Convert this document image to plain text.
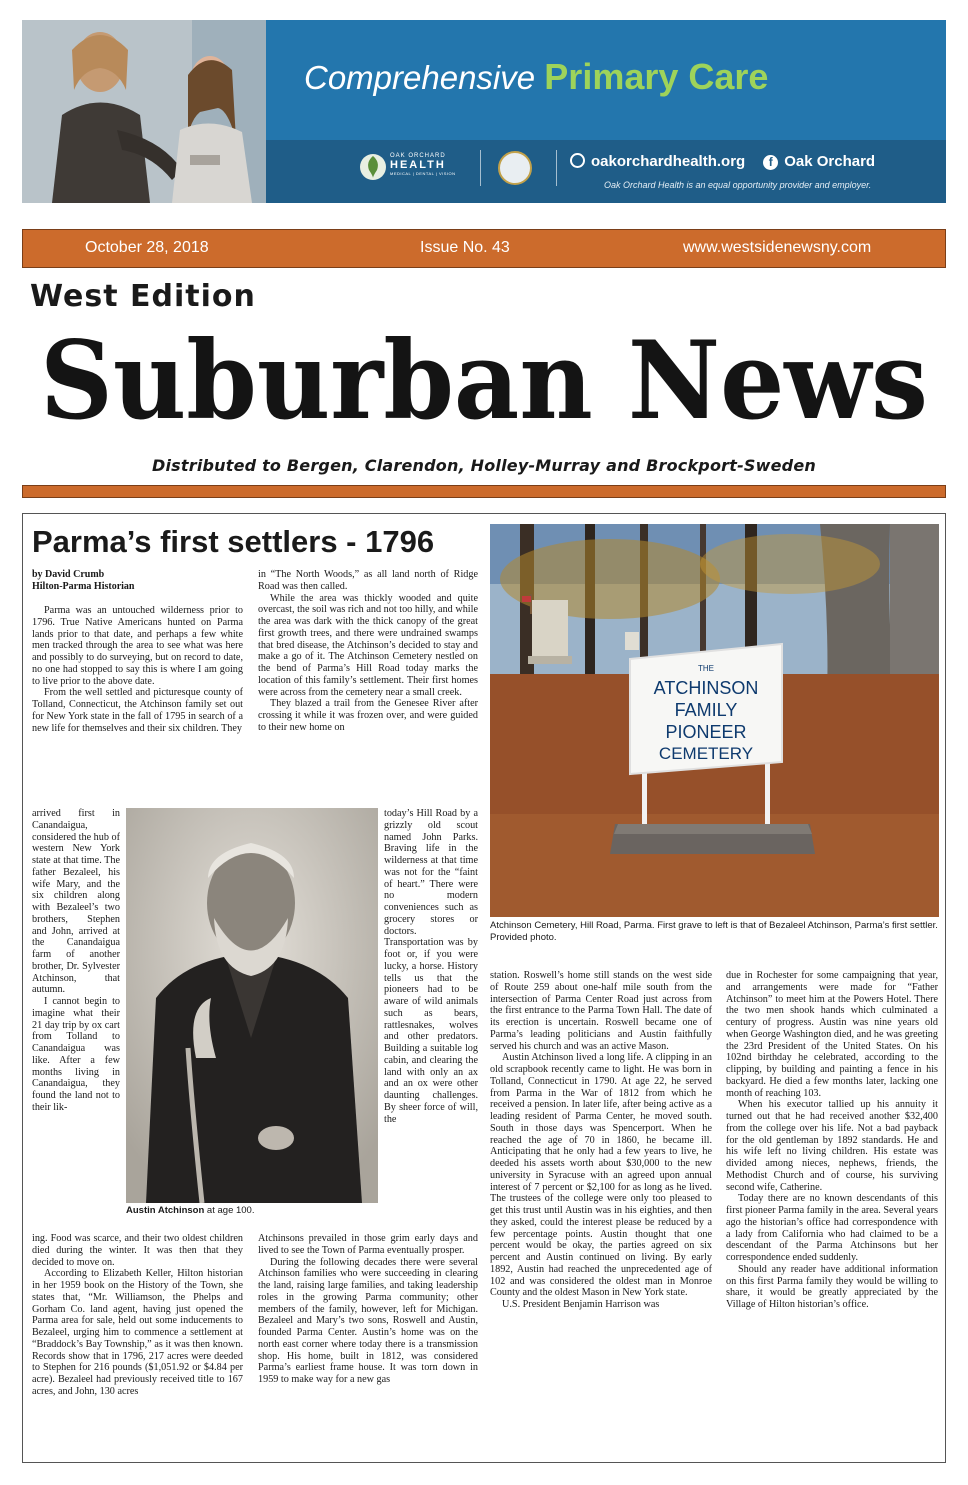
Comprehensive Primary Care
OAK ORCHARD
HEALTH
MEDICAL | DENTAL | VISION
oakorchardhealth.org f Oak Orchard
Oak Orchard Health is an equal opportunity provider and employer.
October 28, 2018	Issue No. 43	www.westsidenewsny.com
West Edition
Suburban News
Distributed to Bergen, Clarendon, Holley-Murray and Brockport-Sweden
Parma’s first settlers - 1796
by David Crumb
Hilton-Parma Historian

Parma was an untouched wilderness prior to 1796. True Native Americans hunted on Parma lands prior to that date, and perhaps a few white men tracked through the area to see what was here and possibly to do surveying, but on record to date, no one had stopped to say this is where I am going to live prior to the above date.

From the well settled and picturesque county of Tolland, Connecticut, the Atchinson family set out for New York state in the fall of 1795 in search of a new life for themselves and their six children. They

arrived first in Canandaigua, considered the hub of western New York state at that time. The father Bezaleel, his wife Mary, and the six children along with Bezaleel’s two brothers, Stephen and John, arrived at the Canandaigua farm of another brother, Dr. Sylvester Atchinson, that autumn.

I cannot begin to imagine what their 21 day trip by ox cart from Tolland to Canandaigua was like. After a few months living in Canandaigua, they found the land not to their lik-

ing. Food was scarce, and their two oldest children died during the winter. It was then that they decided to move on.

According to Elizabeth Keller, Hilton historian in her 1959 book on the History of the Town, she states that, “Mr. Williamson, the Phelps and Gorham Co. land agent, having just opened the Parma area for sale, held out some inducements to Bezaleel, urging him to commence a settlement at “Braddock’s Bay Township,” as it was then known. Records show that in 1796, 217 acres were deeded to Stephen for 216 pounds ($1,051.92 or $4.84 per acre). Bezaleel had previously received title to 167 acres, and John, 130 acres

in “The North Woods,” as all land north of Ridge Road was then called.

While the area was thickly wooded and quite overcast, the soil was rich and not too hilly, and while the area was dark with the thick canopy of the great first growth trees, and there were undrained swamps that bred disease, the Atchinson’s decided to stay and make a go of it. The Atchinson Cemetery nestled on the bend of Parma’s Hill Road today marks the location of this family’s settlement. Their first homes were across from the cemetery near a small creek.

They blazed a trail from the Genesee River after crossing it while it was frozen over, and were guided to their new home on

today’s Hill Road by a grizzly old scout named John Parks. Braving life in the wilderness at that time was not for the “faint of heart.” There were no modern conveniences such as grocery stores or doctors. Transportation was by foot or, if you were lucky, a horse. History tells us that the pioneers had to be aware of wild animals such as bears, rattlesnakes, wolves and other predators. Building a suitable log cabin, and clearing the land with only an ax and an ox were other daunting challenges. By sheer force of will, the

Atchinsons prevailed in those grim early days and lived to see the Town of Parma eventually prosper.

During the following decades there were several Atchinson families who were succeeding in clearing the land, raising large families, and taking leadership roles in the growing Parma community; other members of the family, however, left for Michigan. Bezaleel and Mary’s two sons, Roswell and Austin, founded Parma Center. Austin’s home was on the north east corner where today there is a transmission shop. His home, built in 1812, was considered Parma’s earliest frame house. It was torn down in 1959 to make way for a new gas

Austin Atchinson at age 100.
THE
ATCHINSON
FAMILY
PIONEER
CEMETERY
Atchinson Cemetery, Hill Road, Parma. First grave to left is that of Bezaleel Atchinson, Parma’s first settler. Provided photo.

station. Roswell’s home still stands on the west side of Route 259 about one-half mile south from the intersection of Parma Center Road just across from the first entrance to the Parma Town Hall. The date of its erection is uncertain. Roswell became one of Parma’s leading politicians and Austin faithfully served his church and was an active Mason.

Austin Atchinson lived a long life. A clipping in an old scrapbook recently came to light. He was born in Tolland, Connecticut in 1790. At age 22, he served from Parma in the War of 1812 from which he received a pension. In later life, after being active as a leading resident of Parma Center, he moved south. South in those days was Spencerport. When he reached the age of 70 in 1860, he became ill. Anticipating that he only had a few years to live, he deeded his assets worth about $30,000 to the new university in Syracuse with an agreed upon annual interest of 7 percent or $2,100 for as long as he lived. The trustees of the college were only too pleased to get this trust until Austin was in his eighties, and then they asked, could the interest please be reduced by a few percentage points. Austin thought that one percent would be okay, the parties agreed on six percent and Austin continued on living. By early 1892, Austin had reached the unprecedented age of 102 and was considered the oldest man in Monroe County and the oldest Mason in New York state.

U.S. President Benjamin Harrison was

due in Rochester for some campaigning that year, and arrangements were made for “Father Atchinson” to meet him at the Powers Hotel. There the two men shook hands which culminated a century of progress. Austin was nine years old when George Washington died, and he was greeting the 23rd President of the United States. On his 102nd birthday he celebrated, according to the clipping, by building and painting a fence in his backyard. He died a few months later, lacking one month of reaching 103.

When his executor tallied up his annuity it turned out that he had received another $32,400 from the college over his life. Not a bad payback for the old gentleman by 1892 standards. He and his wife left no living children. His estate was divided among nieces, nephews, friends, the Methodist Church and of course, his surviving second wife, Catherine.

Today there are no known descendants of this first pioneer Parma family in the area. Several years ago the historian’s office had correspondence with a lady from California who had claimed to be a descendant of the Parma Atchinsons but her correspondence ended suddenly.

Should any reader have additional information on this first Parma family they would be willing to share, it would be greatly appreciated by the Village of Hilton historian’s office.
